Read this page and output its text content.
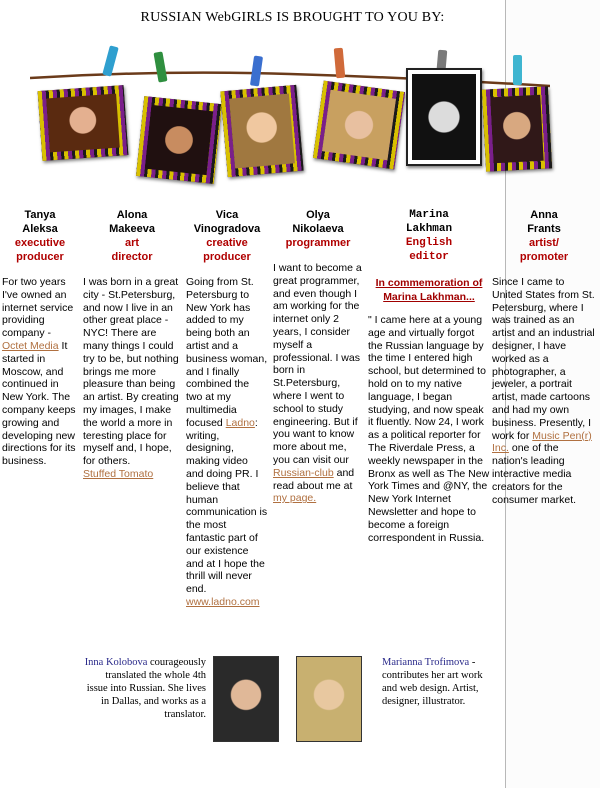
RUSSIAN WebGIRLS IS BROUGHT TO YOU BY:
Tanya
Aleksa
executive
producer
For two years I've owned an internet service providing company - Octet Media It started in Moscow, and continued in New York. The company keeps growing and developing new directions for its business.
Alona
Makeeva
art
director
I was born in a great city - St.Petersburg, and now I live in an other great place - NYC! There are many things I could try to be, but nothing brings me more pleasure than being an artist. By creating my images, I make the world a more in teresting place for myself and, I hope, for others.
Stuffed Tomato
Vica
Vinogradova
creative
producer
Going from St. Petersburg to New York has added to my being both an artist and a business woman, and I finally combined the two at my multimedia focused Ladno: writing, designing, making video and doing PR. I believe that human communication is the most fantastic part of our existence and at I hope the thrill will never end.
www.ladno.com
Olya
Nikolaeva
programmer
I want to become a great programmer, and even though I am working for the internet only 2 years, I consider myself a professional. I was born in St.Petersburg, where I went to school to study engineering. But if you want to know more about me, you can visit our Russian-club and read about me at my page.
Marina
Lakhman
English
editor
In commemoration of Marina Lakhman...
" I came here at a young age and virtually forgot the Russian language by the time I entered high school, but determined to hold on to my native language, I began studying, and now speak it fluently. Now 24, I work as a political reporter for The Riverdale Press, a weekly newspaper in the Bronx as well as The New York Times and @NY, the New York Internet Newsletter and hope to become a foreign correspondent in Russia.
Anna
Frants
artist/
promoter
Since I came to United States from St. Petersburg, where I was trained as an artist and an industrial designer, I have worked as a photographer, a jeweler, a portrait artist, made cartoons and had my own business. Presently, I work for Music Pen(r) Inc. one of the nation's leading interactive media creators for the consumer market.
Inna Kolobova courageously translated the whole 4th issue into Russian. She lives in Dallas, and works as a translator.
Marianna Trofimova - contributes her art work and web design. Artist, designer, illustrator.
